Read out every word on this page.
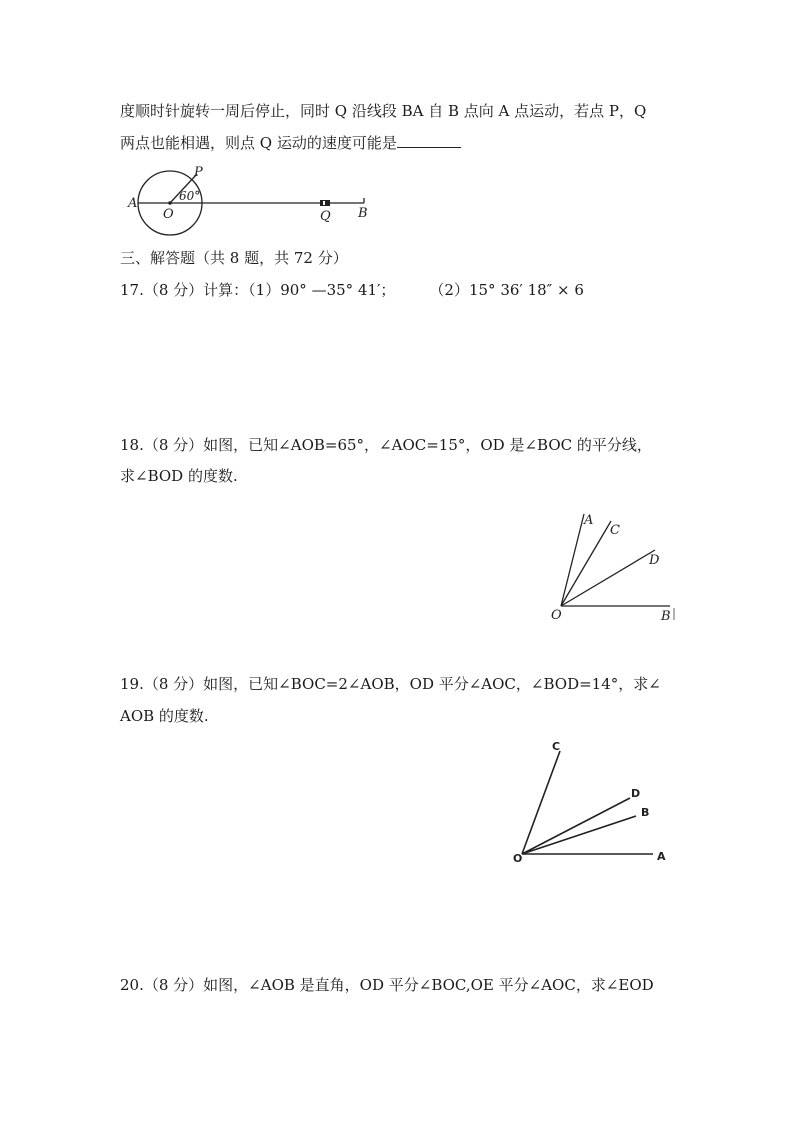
度顺时针旋转一周后停止，同时 Q 沿线段 BA 自 B 点向 A 点运动，若点 P，Q
两点也能相遇，则点 Q 运动的速度可能是
A
O
P
60°
Q B
三、解答题（共 8 题，共 72 分）
17.（8 分）计算：（1）90° —35° 41′； （2）15° 36′ 18″ × 6
18.（8 分）如图，已知∠AOB=65°，∠AOC=15°，OD 是∠BOC 的平分线，
求∠BOD 的度数.
A
C
D
O	B
19.（8 分）如图，已知∠BOC=2∠AOB，OD 平分∠AOC，∠BOD=14°，求∠
AOB 的度数.
C
D
B
O	A
20.（8 分）如图，∠AOB 是直角，OD 平分∠BOC,OE 平分∠AOC，求∠EOD
